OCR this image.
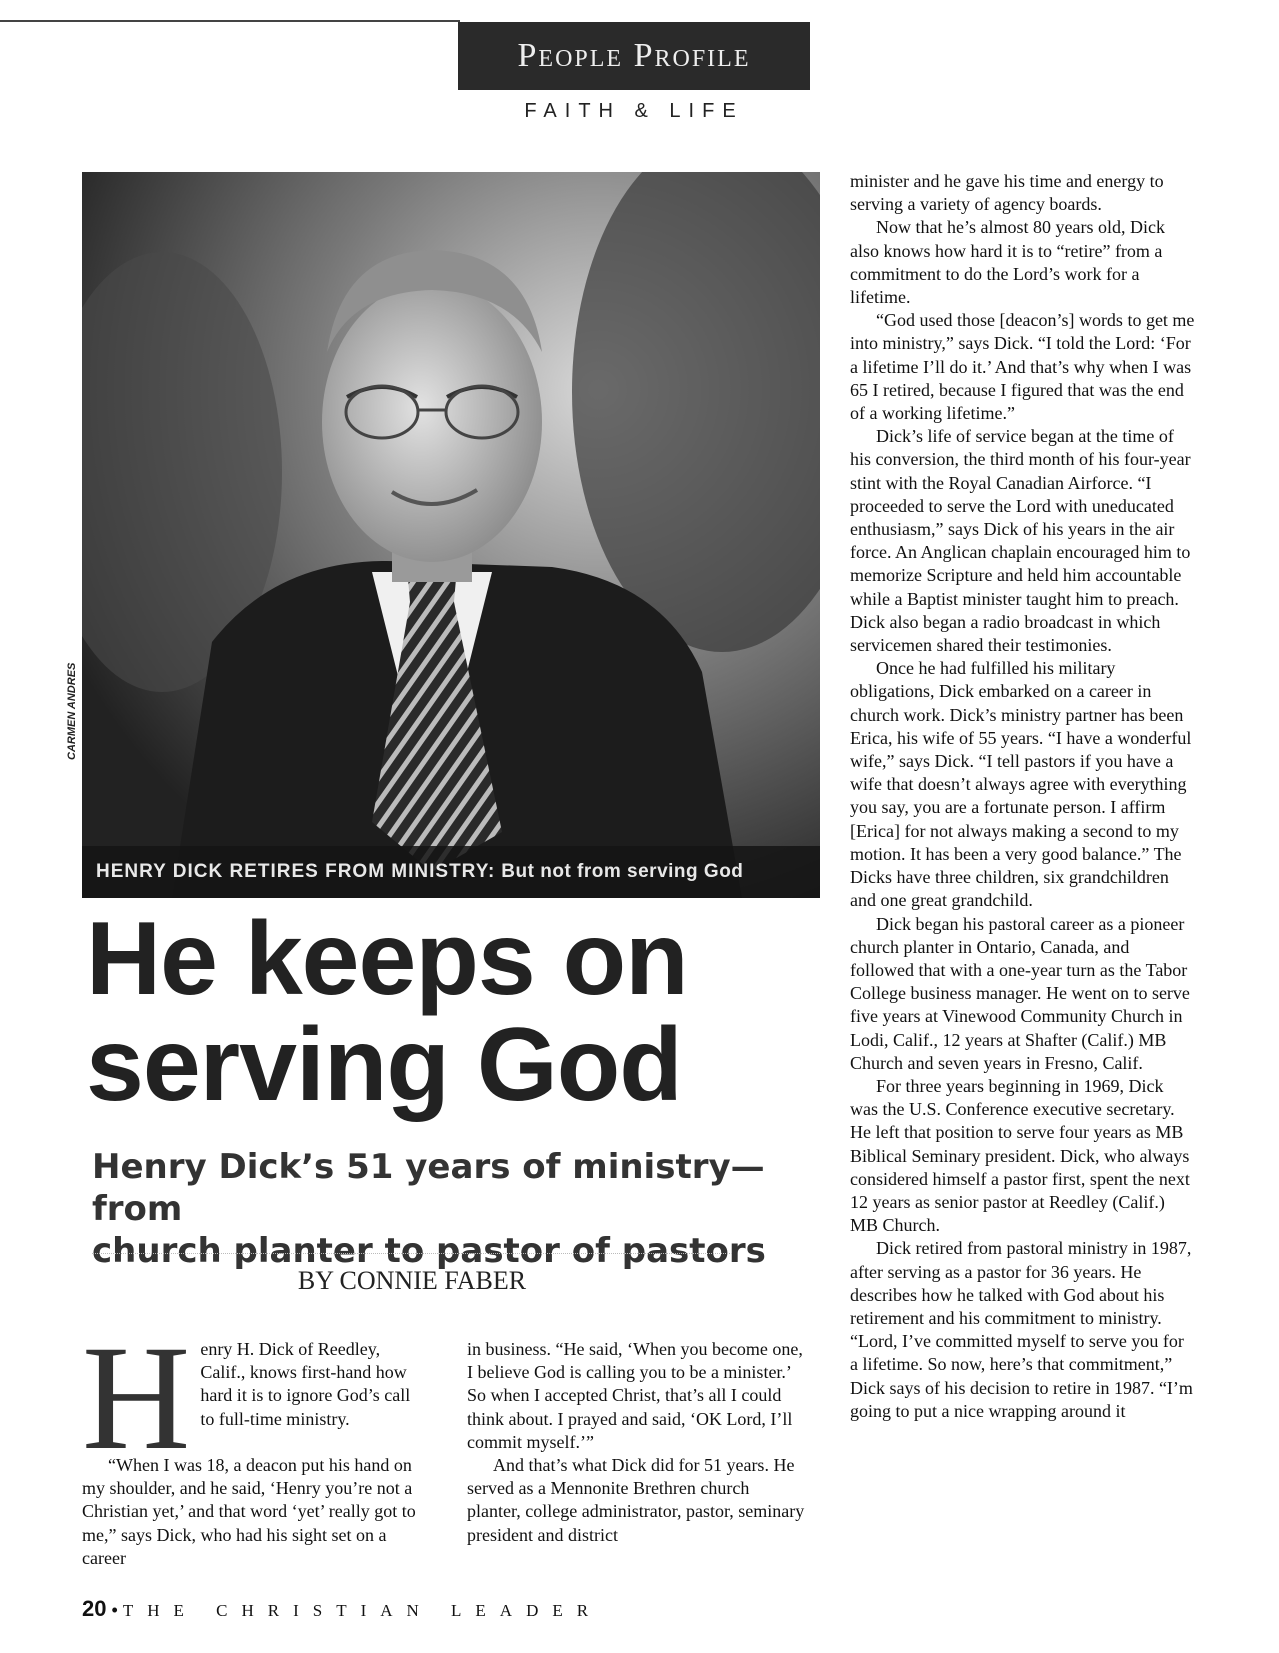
People Profile
FAITH & LIFE
HENRY DICK RETIRES FROM MINISTRY: But not from serving God
CARMEN ANDRES
He keeps on
serving God
Henry Dick’s 51 years of ministry—from
church planter to pastor of pastors
BY CONNIE FABER
H enry H. Dick of Reedley, Calif., knows first-hand how hard it is to ignore God’s call to full-time ministry.

“When I was 18, a deacon put his hand on my shoulder, and he said, ‘Henry you’re not a Christian yet,’ and that word ‘yet’ really got to me,” says Dick, who had his sight set on a career

in business. “He said, ‘When you become one, I believe God is calling you to be a minister.’ So when I accepted Christ, that’s all I could think about. I prayed and said, ‘OK Lord, I’ll commit myself.’”

And that’s what Dick did for 51 years. He served as a Mennonite Brethren church planter, college administrator, pastor, seminary president and district

minister and he gave his time and energy to serving a variety of agency boards.

Now that he’s almost 80 years old, Dick also knows how hard it is to “retire” from a commitment to do the Lord’s work for a lifetime.

“God used those [deacon’s] words to get me into ministry,” says Dick. “I told the Lord: ‘For a lifetime I’ll do it.’ And that’s why when I was 65 I retired, because I figured that was the end of a working lifetime.”

Dick’s life of service began at the time of his conversion, the third month of his four-year stint with the Royal Canadian Airforce. “I proceeded to serve the Lord with uneducated enthusiasm,” says Dick of his years in the air force. An Anglican chaplain encouraged him to memorize Scripture and held him accountable while a Baptist minister taught him to preach. Dick also began a radio broadcast in which servicemen shared their testimonies.

Once he had fulfilled his military obligations, Dick embarked on a career in church work. Dick’s ministry partner has been Erica, his wife of 55 years. “I have a wonderful wife,” says Dick. “I tell pastors if you have a wife that doesn’t always agree with everything you say, you are a fortunate person. I affirm [Erica] for not always making a second to my motion. It has been a very good balance.” The Dicks have three children, six grandchildren and one great grandchild.

Dick began his pastoral career as a pioneer church planter in Ontario, Canada, and followed that with a one-year turn as the Tabor College business manager. He went on to serve five years at Vinewood Community Church in Lodi, Calif., 12 years at Shafter (Calif.) MB Church and seven years in Fresno, Calif.

For three years beginning in 1969, Dick was the U.S. Conference executive secretary. He left that position to serve four years as MB Biblical Seminary president. Dick, who always considered himself a pastor first, spent the next 12 years as senior pastor at Reedley (Calif.) MB Church.

Dick retired from pastoral ministry in 1987, after serving as a pastor for 36 years. He describes how he talked with God about his retirement and his commitment to ministry. “Lord, I’ve committed myself to serve you for a lifetime. So now, here’s that commitment,” Dick says of his decision to retire in 1987. “I’m going to put a nice wrapping around it

20 • THE CHRISTIAN LEADER
